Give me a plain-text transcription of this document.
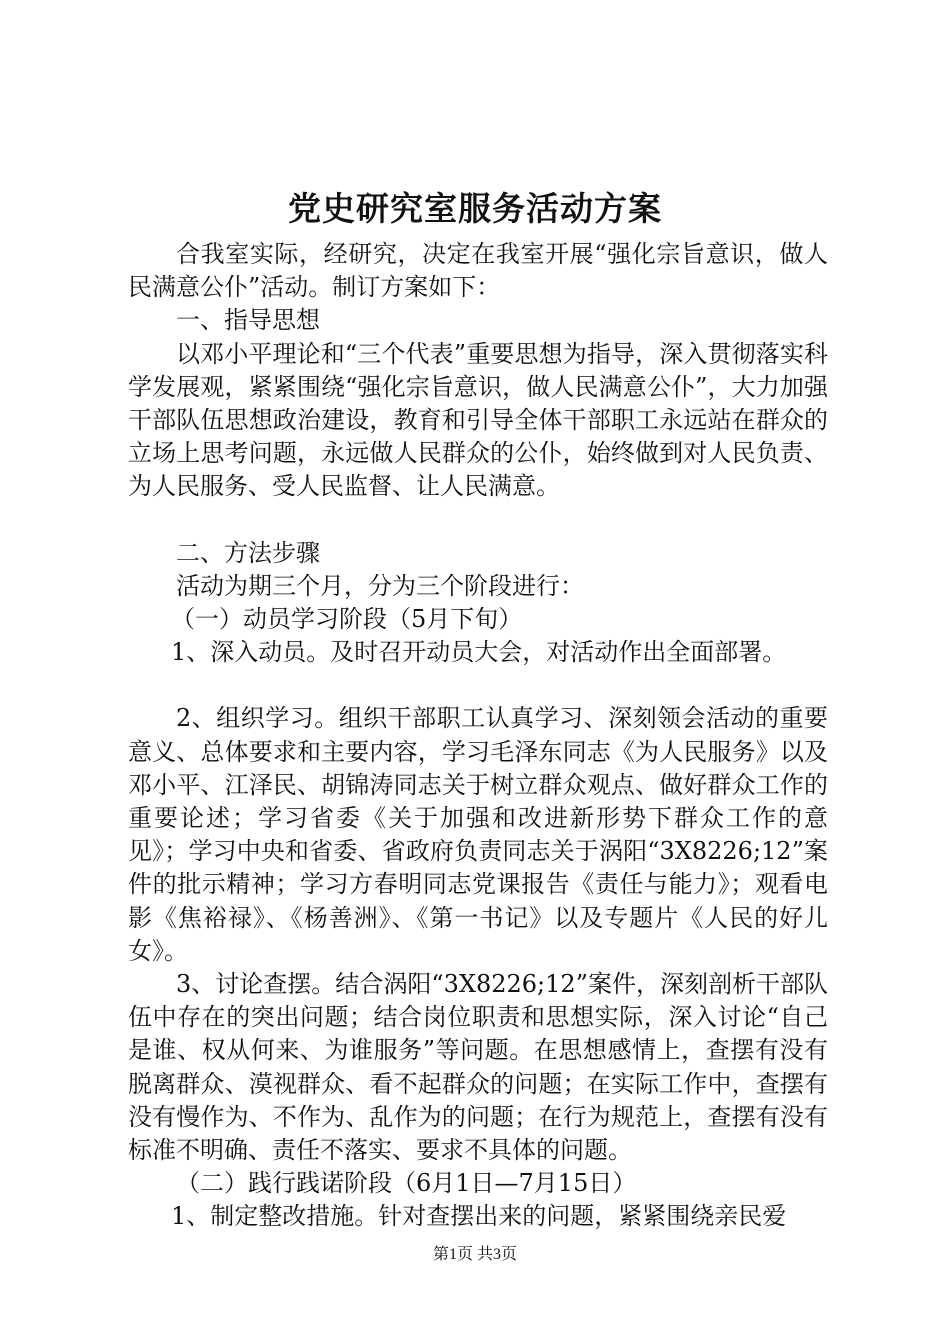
党史研究室服务活动方案

合我室实际，经研究，决定在我室开展“强化宗旨意识，做人民满意公仆”活动。制订方案如下：

一、指导思想

以邓小平理论和“三个代表”重要思想为指导，深入贯彻落实科学发展观，紧紧围绕“强化宗旨意识，做人民满意公仆”，大力加强干部队伍思想政治建设，教育和引导全体干部职工永远站在群众的立场上思考问题，永远做人民群众的公仆，始终做到对人民负责、为人民服务、受人民监督、让人民满意。

二、方法步骤

活动为期三个月，分为三个阶段进行：

（一）动员学习阶段（5月下旬）

1、深入动员。及时召开动员大会，对活动作出全面部署。

2、组织学习。组织干部职工认真学习、深刻领会活动的重要意义、总体要求和主要内容，学习毛泽东同志《为人民服务》以及邓小平、江泽民、胡锦涛同志关于树立群众观点、做好群众工作的重要论述；学习省委《关于加强和改进新形势下群众工作的意见》；学习中央和省委、省政府负责同志关于涡阳“3X8226;12”案件的批示精神；学习方春明同志党课报告《责任与能力》；观看电影《焦裕禄》、《杨善洲》、《第一书记》以及专题片《人民的好儿女》。

3、讨论查摆。结合涡阳“3X8226;12”案件，深刻剖析干部队伍中存在的突出问题；结合岗位职责和思想实际，深入讨论“自己是谁、权从何来、为谁服务”等问题。在思想感情上，查摆有没有脱离群众、漠视群众、看不起群众的问题；在实际工作中，查摆有没有慢作为、不作为、乱作为的问题；在行为规范上，查摆有没有标准不明确、责任不落实、要求不具体的问题。

（二）践行践诺阶段（6月1日—7月15日）

1、制定整改措施。针对查摆出来的问题，紧紧围绕亲民爱

第1页 共3页
